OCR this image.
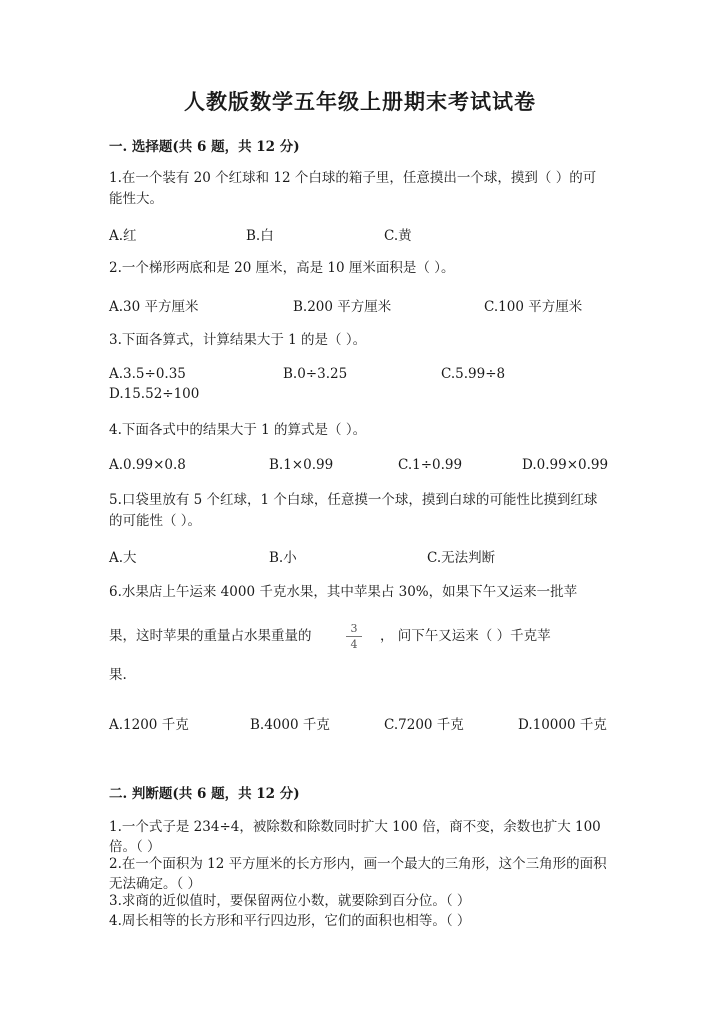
人教版数学五年级上册期末考试试卷
一. 选择题(共 6 题，共 12 分)
1.在一个装有 20 个红球和 12 个白球的箱子里，任意摸出一个球，摸到（ ）的可能性大。
A.红	B.白	C.黄
2.一个梯形两底和是 20 厘米，高是 10 厘米面积是（ ）。
A.30 平方厘米	B.200 平方厘米	C.100 平方厘米
3.下面各算式，计算结果大于 1 的是（ ）。
A.3.5÷0.35	B.0÷3.25	C.5.99÷8
D.15.52÷100
4.下面各式中的结果大于 1 的算式是（ ）。
A.0.99×0.8	B.1×0.99	C.1÷0.99	D.0.99×0.99
5.口袋里放有 5 个红球，1 个白球，任意摸一个球，摸到白球的可能性比摸到红球的可能性（ ）。
A.大	B.小	C.无法判断
6.水果店上午运来 4000 千克水果，其中苹果占 30%，如果下午又运来一批苹
果，这时苹果的重量占水果重量的	3
4
， 问下午又运来（ ）千克苹
果.
A.1200 千克	B.4000 千克	C.7200 千克	D.10000 千克
二. 判断题(共 6 题，共 12 分)
1.一个式子是 234÷4，被除数和除数同时扩大 100 倍，商不变，余数也扩大 100 倍。（ ）
2.在一个面积为 12 平方厘米的长方形内，画一个最大的三角形，这个三角形的面积无法确定。（ ）
3.求商的近似值时，要保留两位小数，就要除到百分位。（ ）
4.周长相等的长方形和平行四边形，它们的面积也相等。（ ）
